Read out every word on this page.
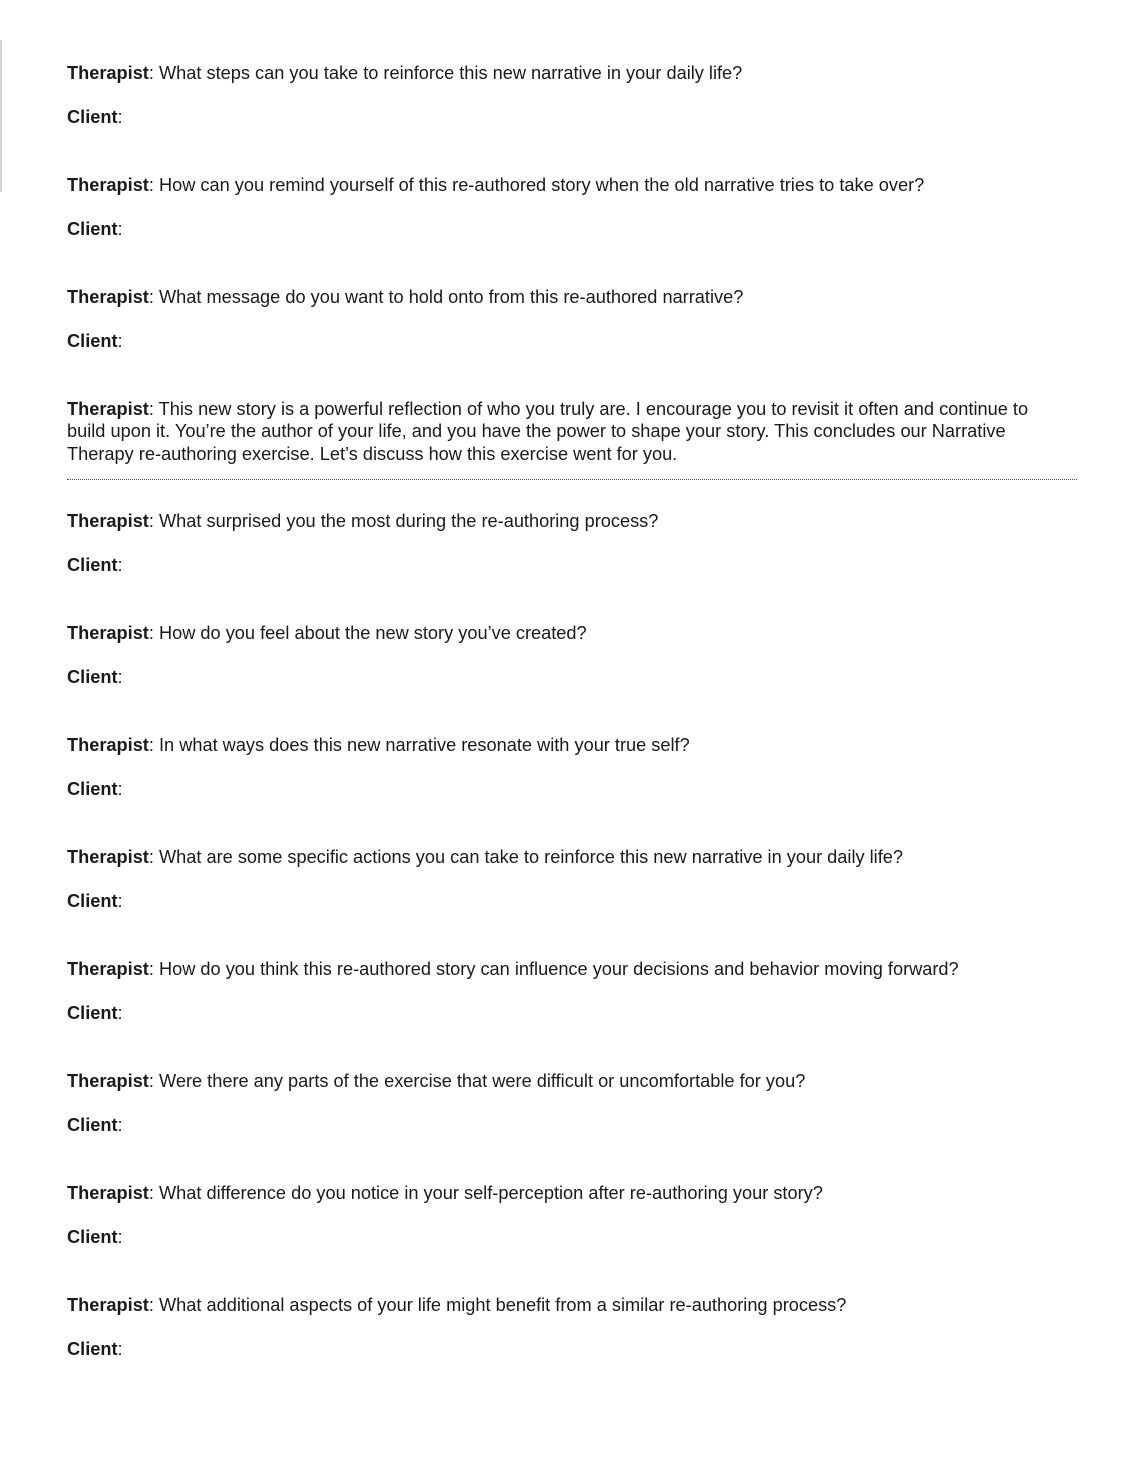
Therapist: What steps can you take to reinforce this new narrative in your daily life?

Client:

Therapist: How can you remind yourself of this re-authored story when the old narrative tries to take over?

Client:

Therapist: What message do you want to hold onto from this re-authored narrative?

Client:

Therapist: This new story is a powerful reflection of who you truly are. I encourage you to revisit it often and continue to build upon it. You’re the author of your life, and you have the power to shape your story. This concludes our Narrative Therapy re-authoring exercise. Let’s discuss how this exercise went for you.

Therapist: What surprised you the most during the re-authoring process?

Client:

Therapist: How do you feel about the new story you’ve created?

Client:

Therapist: In what ways does this new narrative resonate with your true self?

Client:

Therapist: What are some specific actions you can take to reinforce this new narrative in your daily life?

Client:

Therapist: How do you think this re-authored story can influence your decisions and behavior moving forward?

Client:

Therapist: Were there any parts of the exercise that were difficult or uncomfortable for you?

Client:

Therapist: What difference do you notice in your self-perception after re-authoring your story?

Client:

Therapist: What additional aspects of your life might benefit from a similar re-authoring process?

Client:
